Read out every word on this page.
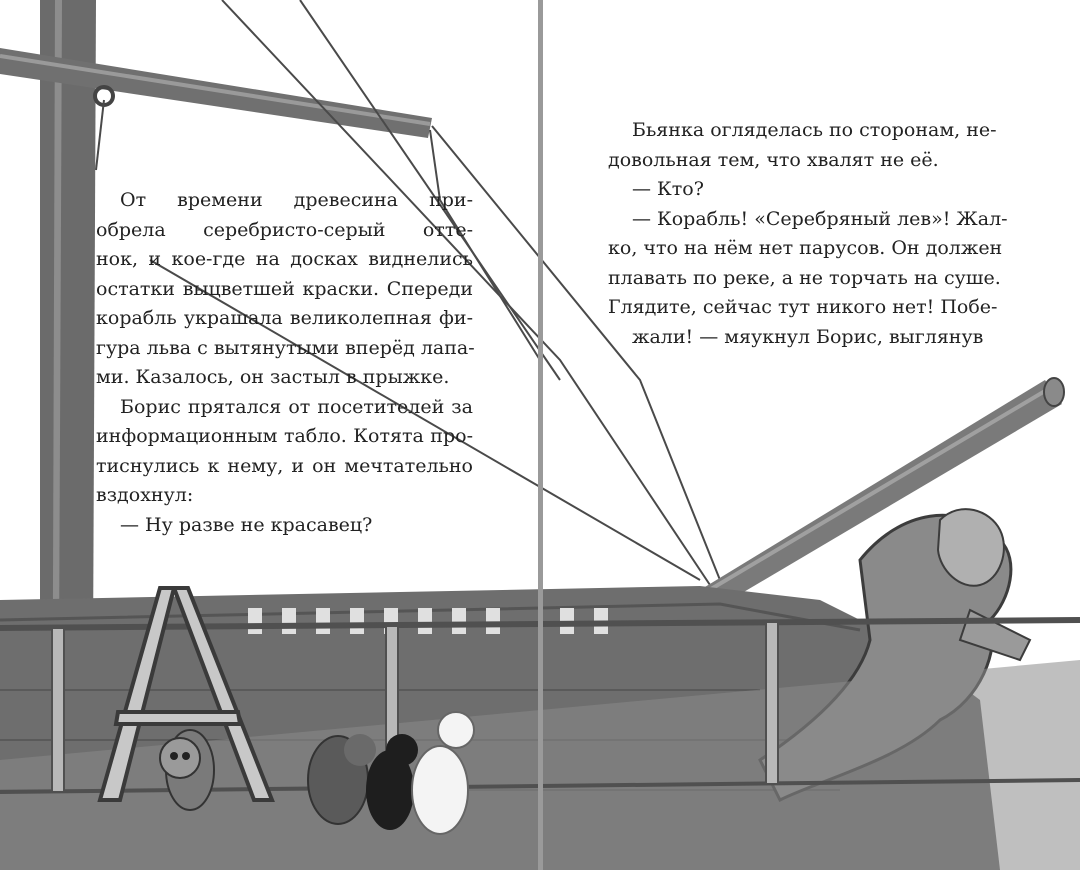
От времени древесина при-
обрела серебристо-серый отте-
нок, и кое-где на досках виднелись
остатки выцветшей краски. Спереди
корабль украшала великолепная фи-
гура льва с вытянутыми вперёд лапа-
ми. Казалось, он застыл в прыжке.
Борис прятался от посетителей за
информационным табло. Котята про-
тиснулись к нему, и он мечтательно
вздохнул:
— Ну разве не красавец?
Бьянка огляделась по сторонам, не-
довольная тем, что хвалят не её.
— Кто?
— Корабль! «Серебряный лев»! Жал-
ко, что на нём нет парусов. Он должен
плавать по реке, а не торчать на суше.
Глядите, сейчас тут никого нет! Побе-
жали! — мяукнул Борис, выглянув
